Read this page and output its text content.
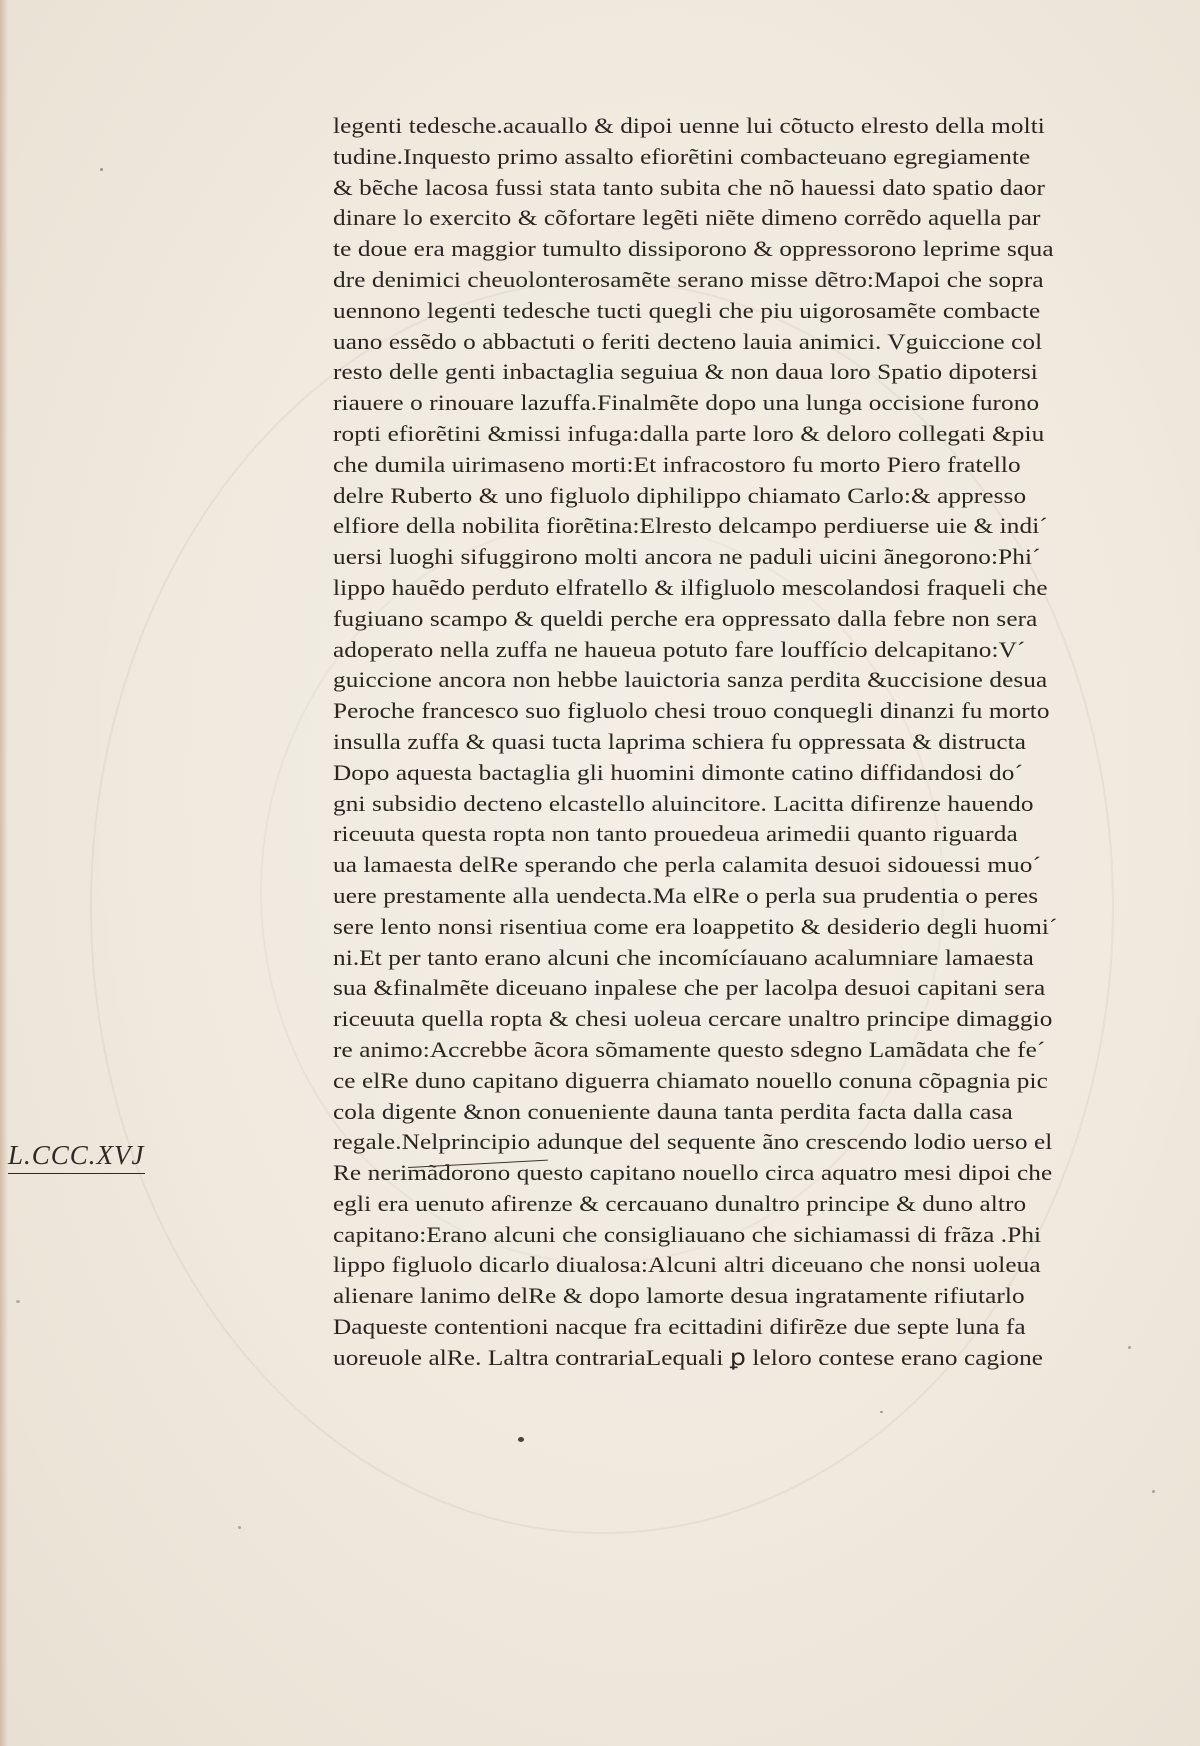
legenti tedesche.acauallo & dipoi uenne lui cõtucto elresto della molti
tudine.Inquesto primo assalto efiorẽtini combacteuano egregiamente
& bẽche lacosa fussi stata tanto subita che nõ hauessi dato spatio daor
dinare lo exercito & cõfortare legẽti niẽte dimeno corrẽdo aquella par
te doue era maggior tumulto dissiporono & oppressorono leprime squa
dre denimici cheuolonterosamẽte serano misse dẽtro:Mapoi che sopra
uennono legenti tedesche tucti quegli che piu uigorosamẽte combacte
uano essẽdo o abbactuti o feriti decteno lauia animici. Vguiccione col
resto delle genti inbactaglia seguiua & non daua loro Spatio dipotersi
riauere o rinouare lazuffa.Finalmẽte dopo una lunga occisione furono
ropti efiorẽtini &missi infuga:dalla parte loro & deloro collegati &piu
che dumila uirimaseno morti:Et infracostoro fu morto Piero fratello
delre Ruberto & uno figluolo diphilippo chiamato Carlo:& appresso
elfiore della nobilita fiorẽtina:Elresto delcampo perdiuerse uie & indi´
uersi luoghi sifuggirono molti ancora ne paduli uicini ãnegorono:Phi´
lippo hauẽdo perduto elfratello & ilfigluolo mescolandosi fraqueli che
fugiuano scampo & queldi perche era oppressato dalla febre non sera
adoperato nella zuffa ne haueua potuto fare louffício delcapitano:V´
guiccione ancora non hebbe lauictoria sanza perdita &uccisione desua
Peroche francesco suo figluolo chesi trouo conquegli dinanzi fu morto
insulla zuffa & quasi tucta laprima schiera fu oppressata & distructa
Dopo aquesta bactaglia gli huomini dimonte catino diffidandosi do´
gni subsidio decteno elcastello aluincitore. Lacitta difirenze hauendo
riceuuta questa ropta non tanto prouedeua arimedii quanto riguarda
ua lamaesta delRe sperando che perla calamita desuoi sidouessi muo´
uere prestamente alla uendecta.Ma elRe o perla sua prudentia o peres
sere lento nonsi risentiua come era loappetito & desiderio degli huomi´
ni.Et per tanto erano alcuni che incomícíauano acalumniare lamaesta
sua &finalmẽte diceuano inpalese che per lacolpa desuoi capitani sera
riceuuta quella ropta & chesi uoleua cercare unaltro principe dimaggio
re animo:Accrebbe ãcora sõmamente questo sdegno Lamãdata che fe´
ce elRe duno capitano diguerra chiamato nouello conuna cõpagnia pic
cola digente &non conueniente dauna tanta perdita facta dalla casa
regale.Nelprincipio adunque del sequente ãno crescendo lodio uerso el
Re nerimãdorono questo capitano nouello circa aquatro mesi dipoi che
egli era uenuto afirenze & cercauano dunaltro principe & duno altro
capitano:Erano alcuni che consigliauano che sichiamassi di frãza .Phi
lippo figluolo dicarlo diualosa:Alcuni altri diceuano che nonsi uoleua
alienare lanimo delRe & dopo lamorte desua ingratamente rifiutarlo
Daqueste contentioni nacque fra ecittadini difirẽze due septe luna fa
uoreuole alRe. Laltra contrariaLequali ꝑ leloro contese erano cagione
L.CCC.XVJ
